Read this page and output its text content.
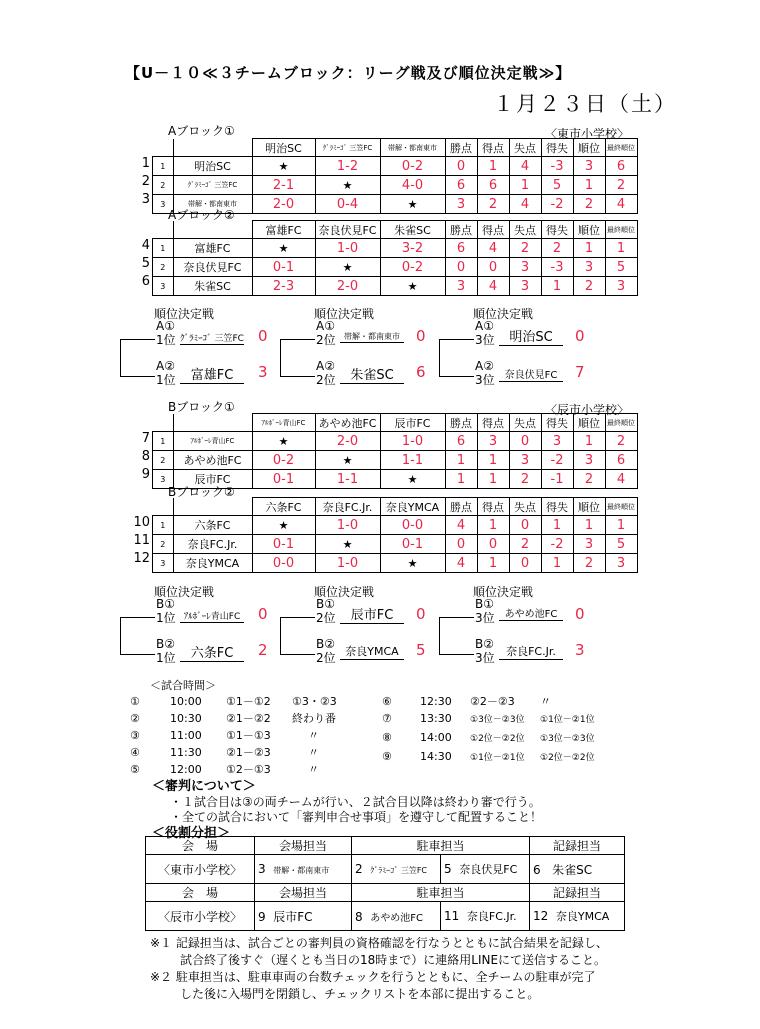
【U－１０≪３チームブロック：リーグ戦及び順位決定戦≫】
１月２３日（土）
Aブロック①	〈東市小学校〉
1
2
3
		明治SC	ｸﾞﾗﾐｰｺﾞ 三笠FC	帯解・都南東市	勝点	得点	失点	得失	順位	最終順位
1	明治SC	★	1-2	0-2	0	1	4	-3	3	6
2	ｸﾞﾗﾐｰｺﾞ 三笠FC	2-1	★	4-0	6	6	1	5	1	2
3	帯解・都南東市	2-0	0-4	★	3	2	4	-2	2	4
Aブロック②
4
5
6
		富雄FC	奈良伏見FC	朱雀SC	勝点	得点	失点	得失	順位	最終順位
1	富雄FC	★	1-0	3-2	6	4	2	2	1	1
2	奈良伏見FC	0-1	★	0-2	0	0	3	-3	3	5
3	朱雀SC	2-3	2-0	★	3	4	3	1	2	3
順位決定戦
A①
1位 ｸﾞﾗﾐｰｺﾞ 三笠FC 0
A②
1位	富雄FC	3
順位決定戦
A①
2位	帯解・都南東市 0
A②
2位	朱雀SC	6
順位決定戦
A①
3位	明治SC	0
A②
3位 奈良伏見FC	7
Bブロック①	〈辰市小学校〉
7
8
9
		ｱﾙﾎﾞｰﾚ青山FC	あやめ池FC	辰市FC	勝点	得点	失点	得失	順位	最終順位
1	ｱﾙﾎﾞｰﾚ青山FC	★	2-0	1-0	6	3	0	3	1	2
2	あやめ池FC	0-2	★	1-1	1	1	3	-2	3	6
3	辰市FC	0-1	1-1	★	1	1	2	-1	2	4
Bブロック②
10
11
12
		六条FC	奈良FC.Jr.	奈良YMCA	勝点	得点	失点	得失	順位	最終順位
1	六条FC	★	1-0	0-0	4	1	0	1	1	1
2	奈良FC.Jr.	0-1	★	0-1	0	0	2	-2	3	5
3	奈良YMCA	0-0	1-0	★	4	1	0	1	2	3
順位決定戦
B①
1位 ｱﾙﾎﾞｰﾚ青山FC 0
B②
1位	六条FC	2
順位決定戦
B①
2位	辰市FC	0
B②
2位 奈良YMCA	5
順位決定戦
B①
3位 あやめ池FC	0
B②
3位	奈良FC.Jr.	3
＜試合時間＞
①	10:00 ①1－①2 ①3・②3
②	10:30 ②1－②2 終わり番
③	11:00 ①1－①3	〃
④	11:30 ②1－②3	〃
⑤	12:00 ①2－①3	〃
⑥	12:30 ②2－②3 〃
⑦	13:30 ①3位－②3位 ①1位－②1位
⑧	14:00 ①2位－②2位 ①3位－②3位
⑨	14:30 ①1位－②1位 ①2位－②2位
＜審判について＞
・１試合目は③の両チームが行い、２試合目以降は終わり審で行う。
・全ての試合において「審判申合せ事項」を遵守して配置すること！
＜役割分担＞
会　場	会場担当	駐車担当		記録担当
〈東市小学校〉	3 帯解・都南東市	2 ｸﾞﾗﾐｰｺﾞ 三笠FC	5 奈良伏見FC	6 朱雀SC
会　場	会場担当	駐車担当		記録担当
〈辰市小学校〉	9 辰市FC	8 あやめ池FC	11 奈良FC.Jr.	12 奈良YMCA
※１ 記録担当は、試合ごとの審判員の資格確認を行なうとともに試合結果を記録し、
試合終了後すぐ（遅くとも当日の18時まで）に連絡用LINEにて送信すること。
※２ 駐車担当は、駐車車両の台数チェックを行うとともに、全チームの駐車が完了
した後に入場門を閉鎖し、チェックリストを本部に提出すること。
